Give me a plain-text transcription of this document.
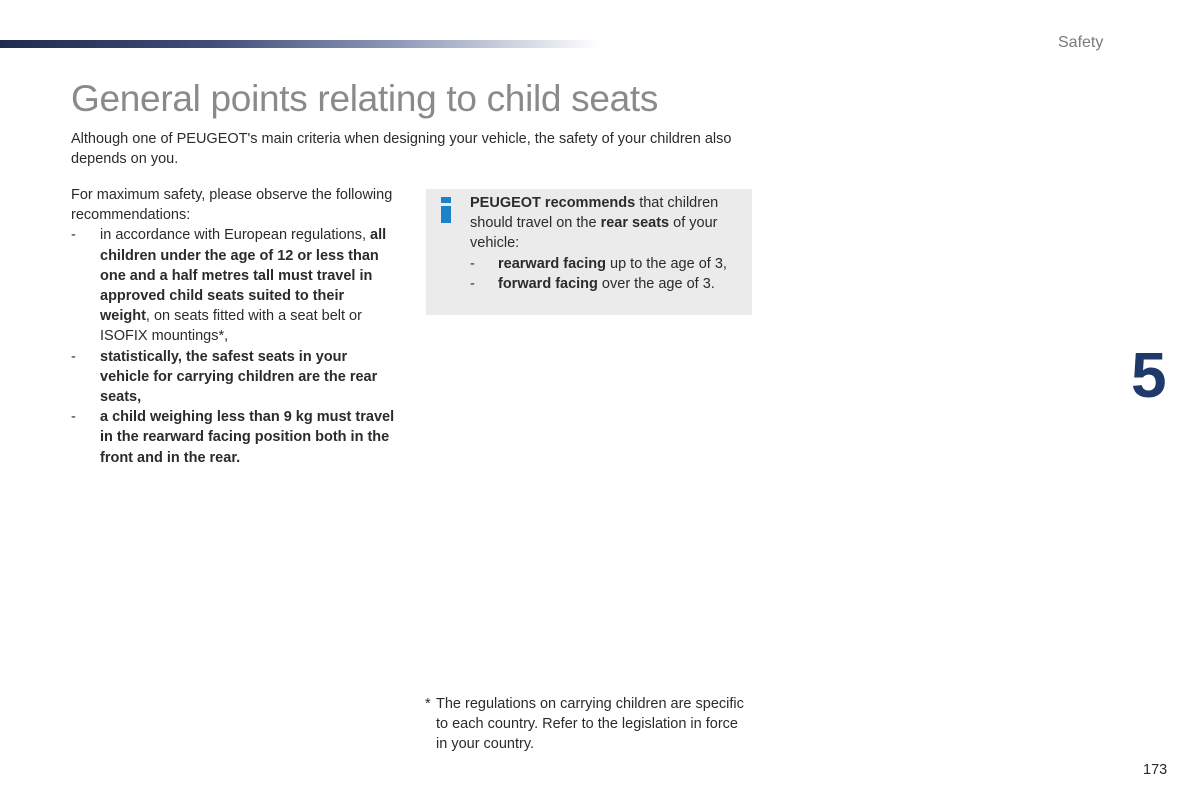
Safety
General points relating to child seats

Although one of PEUGEOT's main criteria when designing your vehicle, the safety of your children also depends on you.

For maximum safety, please observe the following recommendations:

- in accordance with European regulations, all children under the age of 12 or less than one and a half metres tall must travel in approved child seats suited to their weight, on seats fitted with a seat belt or ISOFIX mountings*,
- statistically, the safest seats in your vehicle for carrying children are the rear seats,
- a child weighing less than 9 kg must travel in the rearward facing position both in the front and in the rear.

PEUGEOT recommends that children should travel on the rear seats of your vehicle:

- rearward facing up to the age of 3,
- forward facing over the age of 3.
5
* The regulations on carrying children are specific to each country. Refer to the legislation in force in your country.
173
